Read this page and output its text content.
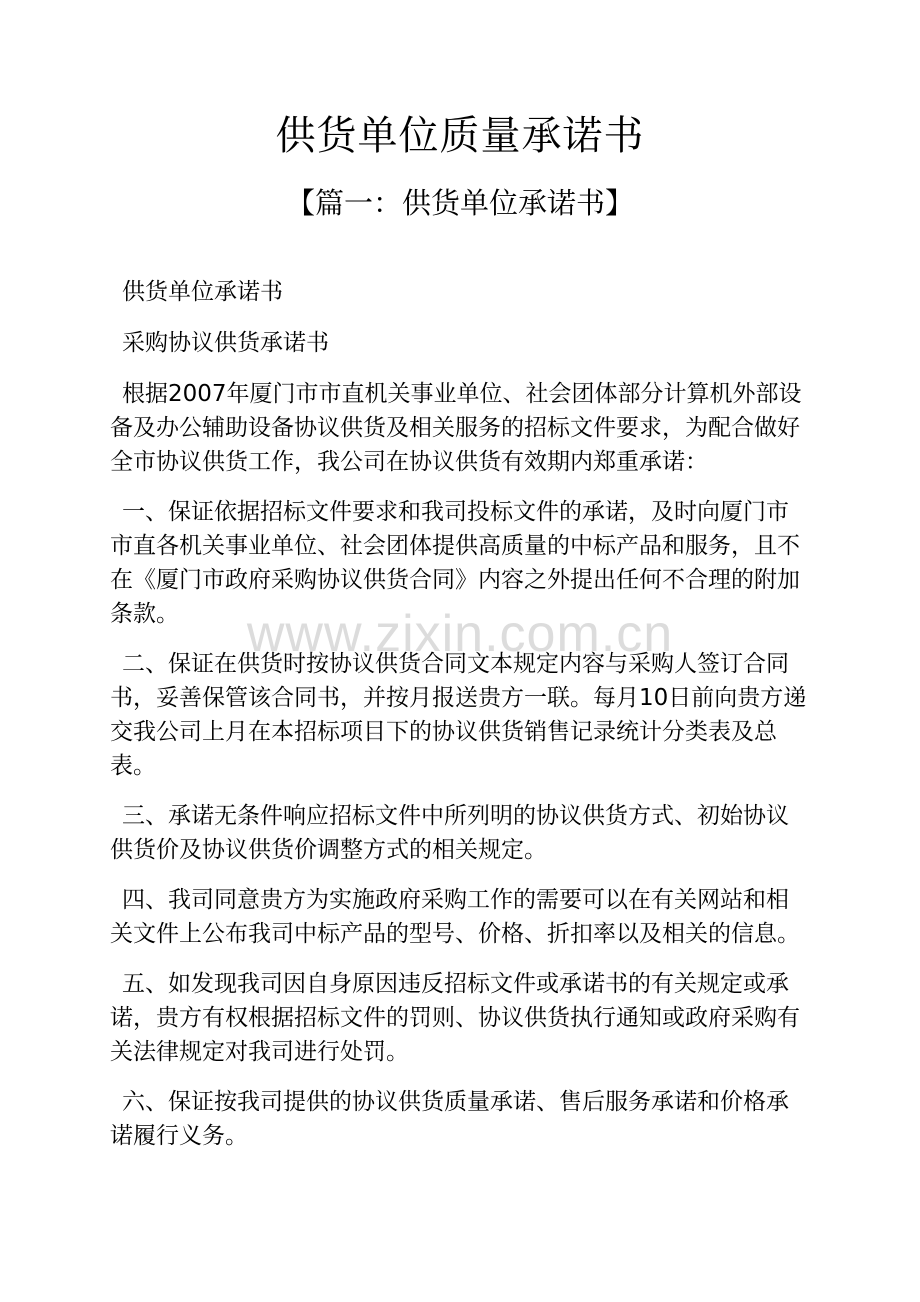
供货单位质量承诺书
【篇一：供货单位承诺书】

供货单位承诺书

采购协议供货承诺书

根据2007年厦门市市直机关事业单位、社会团体部分计算机外部设备及办公辅助设备协议供货及相关服务的招标文件要求，为配合做好全市协议供货工作，我公司在协议供货有效期内郑重承诺：

一、保证依据招标文件要求和我司投标文件的承诺，及时向厦门市市直各机关事业单位、社会团体提供高质量的中标产品和服务，且不在《厦门市政府采购协议供货合同》内容之外提出任何不合理的附加条款。

二、保证在供货时按协议供货合同文本规定内容与采购人签订合同书，妥善保管该合同书，并按月报送贵方一联。每月10日前向贵方递交我公司上月在本招标项目下的协议供货销售记录统计分类表及总表。

三、承诺无条件响应招标文件中所列明的协议供货方式、初始协议供货价及协议供货价调整方式的相关规定。

四、我司同意贵方为实施政府采购工作的需要可以在有关网站和相关文件上公布我司中标产品的型号、价格、折扣率以及相关的信息。

五、如发现我司因自身原因违反招标文件或承诺书的有关规定或承诺，贵方有权根据招标文件的罚则、协议供货执行通知或政府采购有关法律规定对我司进行处罚。

六、保证按我司提供的协议供货质量承诺、售后服务承诺和价格承诺履行义务。

www.zixin.com.cn
